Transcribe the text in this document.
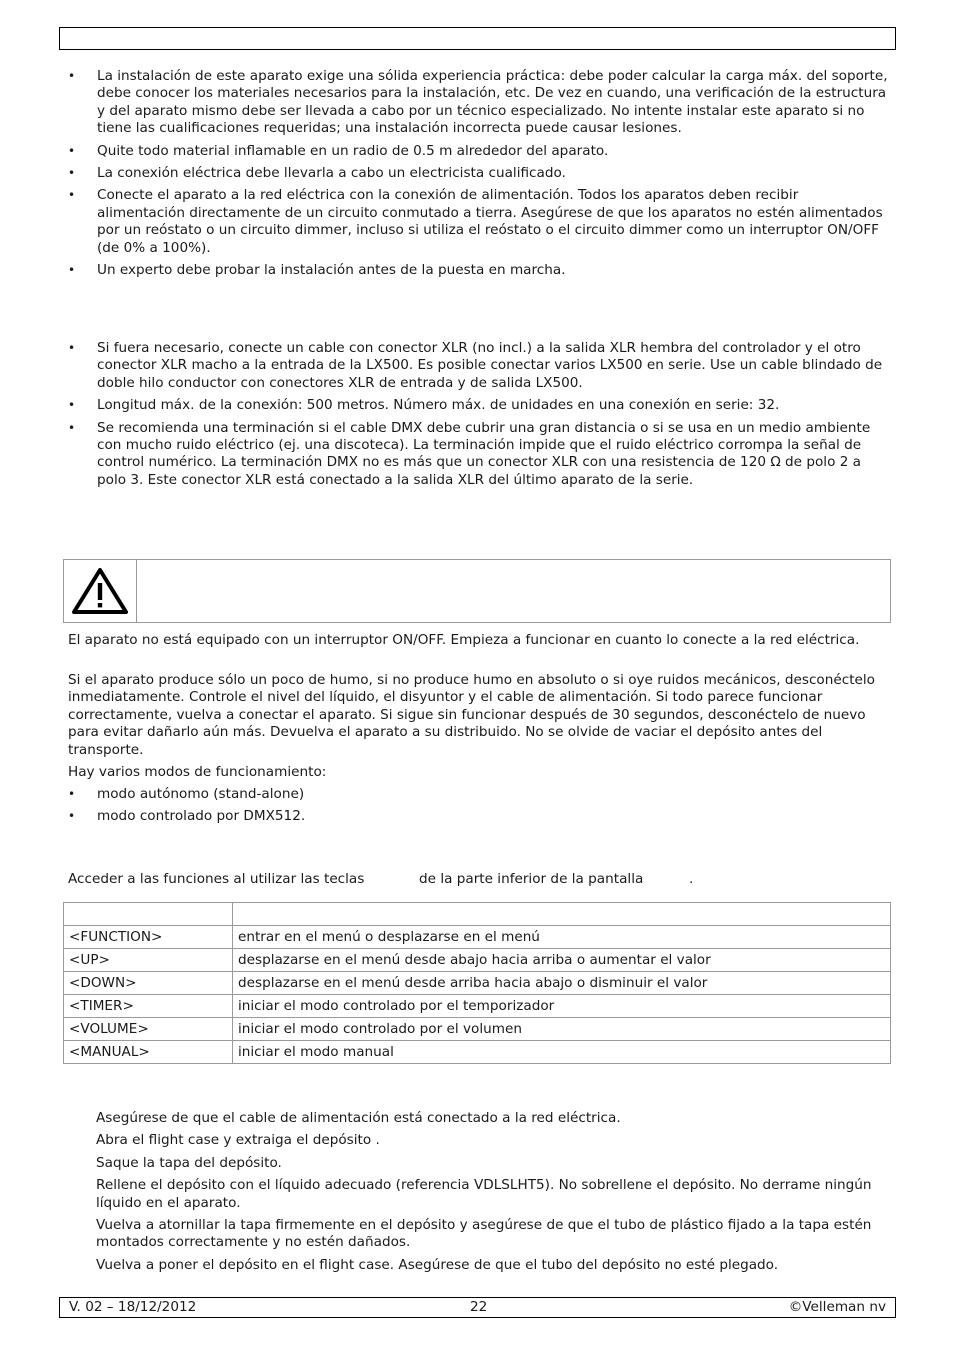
• La instalación de este aparato exige una sólida experiencia práctica: debe poder calcular la carga máx. del soporte, debe conocer los materiales necesarios para la instalación, etc. De vez en cuando, una verificación de la estructura y del aparato mismo debe ser llevada a cabo por un técnico especializado. No intente instalar este aparato si no tiene las cualificaciones requeridas; una instalación incorrecta puede causar lesiones.
• Quite todo material inflamable en un radio de 0.5 m alrededor del aparato.
• La conexión eléctrica debe llevarla a cabo un electricista cualificado.
• Conecte el aparato a la red eléctrica con la conexión de alimentación. Todos los aparatos deben recibir alimentación directamente de un circuito conmutado a tierra. Asegúrese de que los aparatos no estén alimentados por un reóstato o un circuito dimmer, incluso si utiliza el reóstato o el circuito dimmer como un interruptor ON/OFF (de 0% a 100%).
• Un experto debe probar la instalación antes de la puesta en marcha.
• Si fuera necesario, conecte un cable con conector XLR (no incl.) a la salida XLR hembra del controlador y el otro conector XLR macho a la entrada de la LX500. Es posible conectar varios LX500 en serie. Use un cable blindado de doble hilo conductor con conectores XLR de entrada y de salida LX500.
• Longitud máx. de la conexión: 500 metros. Número máx. de unidades en una conexión en serie: 32.
• Se recomienda una terminación si el cable DMX debe cubrir una gran distancia o si se usa en un medio ambiente con mucho ruido eléctrico (ej. una discoteca). La terminación impide que el ruido eléctrico corrompa la señal de control numérico. La terminación DMX no es más que un conector XLR con una resistencia de 120 Ω de polo 2 a polo 3. Este conector XLR está conectado a la salida XLR del último aparato de la serie.

El aparato no está equipado con un interruptor ON/OFF. Empieza a funcionar en cuanto lo conecte a la red eléctrica.

Si el aparato produce sólo un poco de humo, si no produce humo en absoluto o si oye ruidos mecánicos, desconéctelo inmediatamente. Controle el nivel del líquido, el disyuntor y el cable de alimentación. Si todo parece funcionar correctamente, vuelva a conectar el aparato. Si sigue sin funcionar después de 30 segundos, desconéctelo de nuevo para evitar dañarlo aún más. Devuelva el aparato a su distribuido. No se olvide de vaciar el depósito antes del transporte.

Hay varios modos de funcionamiento:

• modo autónomo (stand-alone)
• modo controlado por DMX512.
Acceder a las funciones al utilizar las teclas	de la parte inferior de la pantalla	.

<FUNCTION>	entrar en el menú o desplazarse en el menú
<UP>	desplazarse en el menú desde abajo hacia arriba o aumentar el valor
<DOWN>	desplazarse en el menú desde arriba hacia abajo o disminuir el valor
<TIMER>	iniciar el modo controlado por el temporizador
<VOLUME>	iniciar el modo controlado por el volumen
<MANUAL>	iniciar el modo manual
Asegúrese de que el cable de alimentación está conectado a la red eléctrica.
Abra el flight case y extraiga el depósito .
Saque la tapa del depósito.
Rellene el depósito con el líquido adecuado (referencia VDLSLHT5). No sobrellene el depósito. No derrame ningún líquido en el aparato.
Vuelva a atornillar la tapa firmemente en el depósito y asegúrese de que el tubo de plástico fijado a la tapa estén montados correctamente y no estén dañados.
Vuelva a poner el depósito en el flight case. Asegúrese de que el tubo del depósito no esté plegado.
V. 02 – 18/12/2012	22	©Velleman nv
